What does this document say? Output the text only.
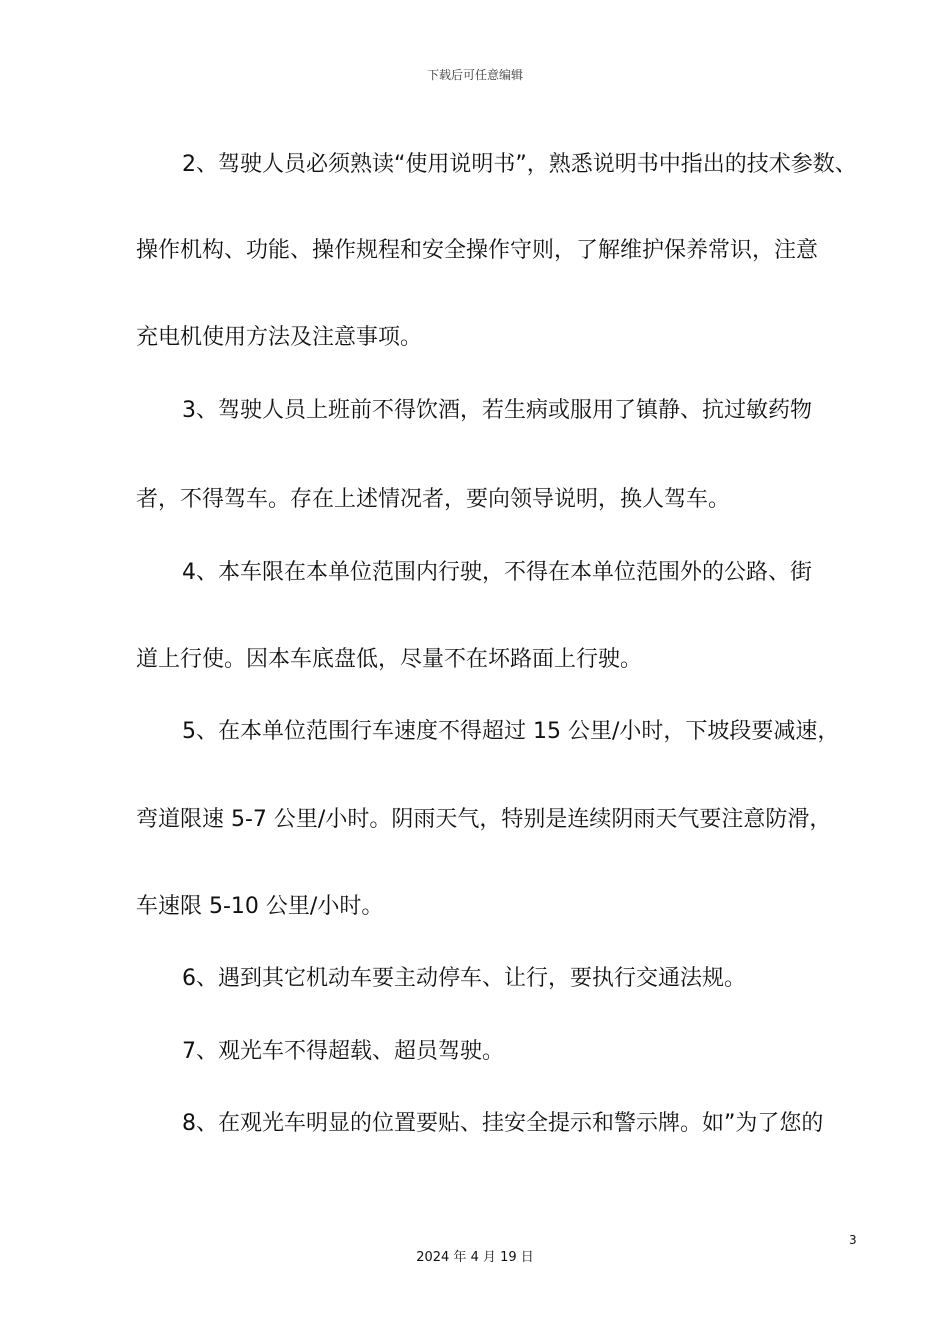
下载后可任意编辑
2、驾驶人员必须熟读“使用说明书”，熟悉说明书中指出的技术参数、
操作机构、功能、操作规程和安全操作守则，了解维护保养常识，注意
充电机使用方法及注意事项。
3、驾驶人员上班前不得饮酒，若生病或服用了镇静、抗过敏药物
者，不得驾车。存在上述情况者，要向领导说明，换人驾车。
4、本车限在本单位范围内行驶，不得在本单位范围外的公路、街
道上行使。因本车底盘低，尽量不在坏路面上行驶。
5、在本单位范围行车速度不得超过 15 公里/小时，下坡段要减速，
弯道限速 5-7 公里/小时。阴雨天气，特别是连续阴雨天气要注意防滑，
车速限 5-10 公里/小时。
6、遇到其它机动车要主动停车、让行，要执行交通法规。
7、观光车不得超载、超员驾驶。
8、在观光车明显的位置要贴、挂安全提示和警示牌。如”为了您的
3
2024 年 4 月 19 日
